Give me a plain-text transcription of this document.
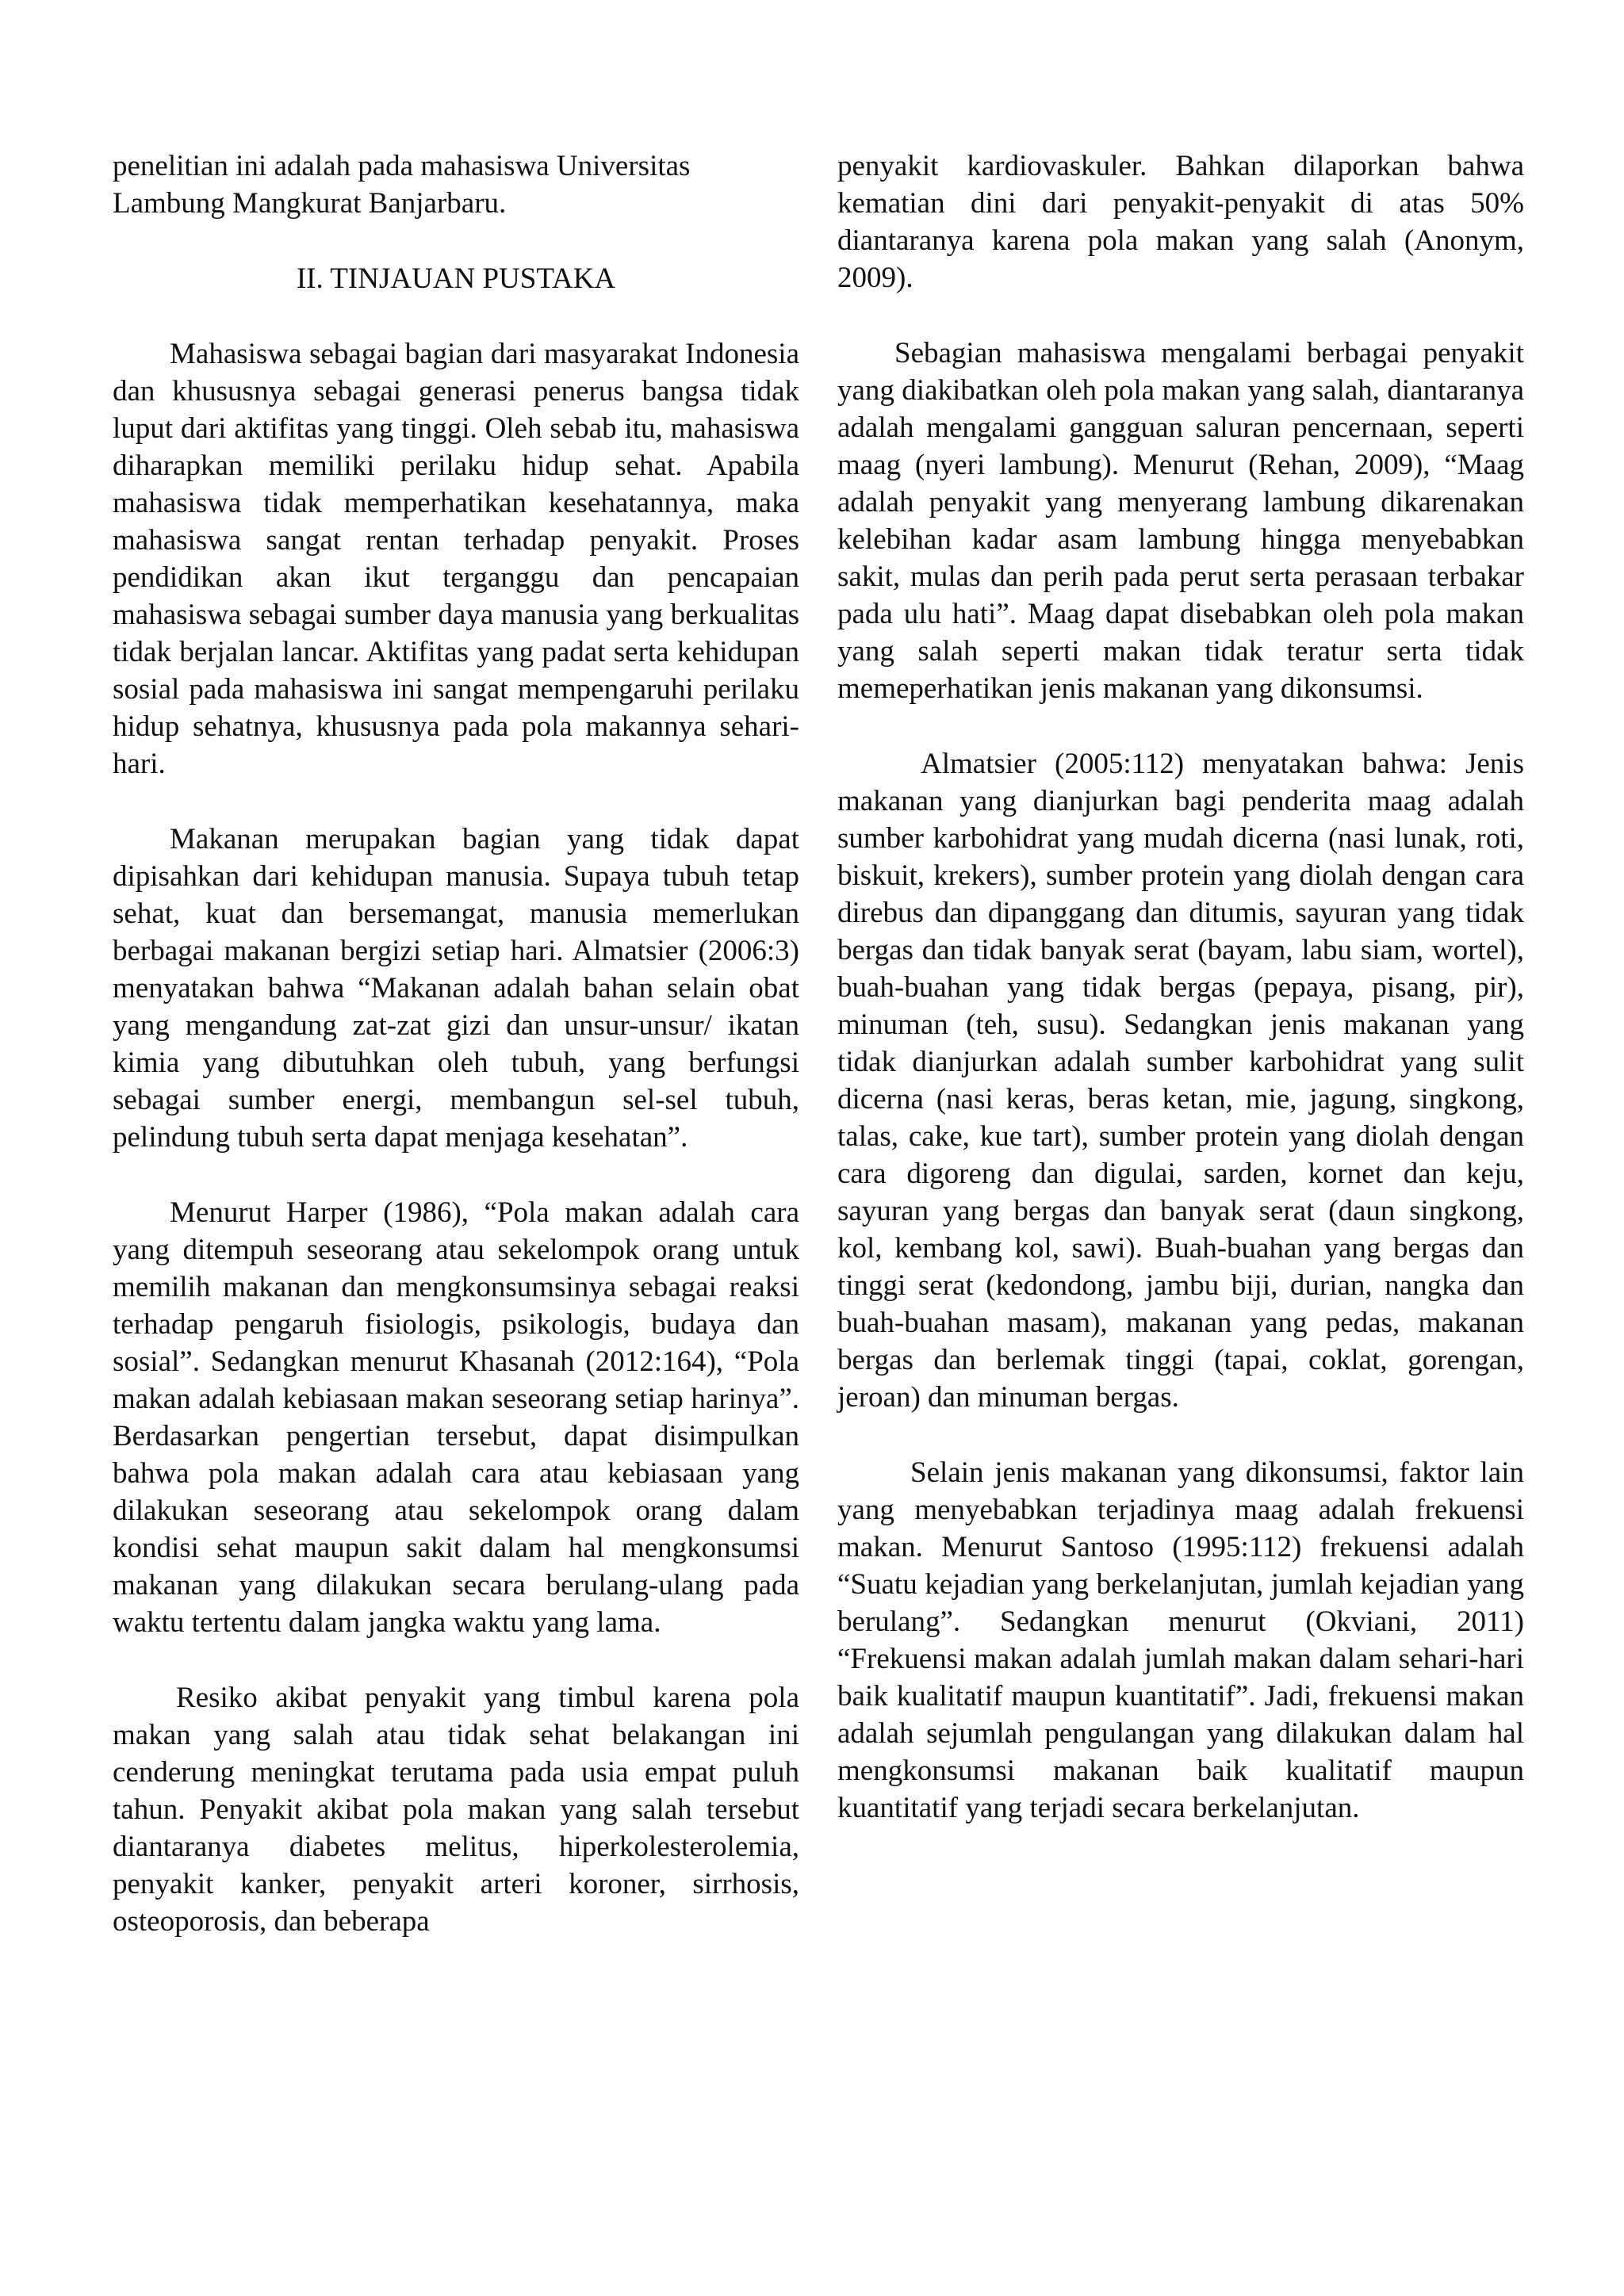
penelitian ini adalah pada mahasiswa Universitas Lambung Mangkurat Banjarbaru.

II. TINJAUAN PUSTAKA

Mahasiswa sebagai bagian dari masyarakat Indonesia dan khususnya sebagai generasi penerus bangsa tidak luput dari aktifitas yang tinggi. Oleh sebab itu, mahasiswa diharapkan memiliki perilaku hidup sehat. Apabila mahasiswa tidak memperhatikan kesehatannya, maka mahasiswa sangat rentan terhadap penyakit. Proses pendidikan akan ikut terganggu dan pencapaian mahasiswa sebagai sumber daya manusia yang berkualitas tidak berjalan lancar. Aktifitas yang padat serta kehidupan sosial pada mahasiswa ini sangat mempengaruhi perilaku hidup sehatnya, khususnya pada pola makannya sehari-hari.

Makanan merupakan bagian yang tidak dapat dipisahkan dari kehidupan manusia. Supaya tubuh tetap sehat, kuat dan bersemangat, manusia memerlukan berbagai makanan bergizi setiap hari. Almatsier (2006:3) menyatakan bahwa “Makanan adalah bahan selain obat yang mengandung zat-zat gizi dan unsur-unsur/ ikatan kimia yang dibutuhkan oleh tubuh, yang berfungsi sebagai sumber energi, membangun sel-sel tubuh, pelindung tubuh serta dapat menjaga kesehatan”.

Menurut Harper (1986), “Pola makan adalah cara yang ditempuh seseorang atau sekelompok orang untuk memilih makanan dan mengkonsumsinya sebagai reaksi terhadap pengaruh fisiologis, psikologis, budaya dan sosial”. Sedangkan menurut Khasanah (2012:164), “Pola makan adalah kebiasaan makan seseorang setiap harinya”. Berdasarkan pengertian tersebut, dapat disimpulkan bahwa pola makan adalah cara atau kebiasaan yang dilakukan seseorang atau sekelompok orang dalam kondisi sehat maupun sakit dalam hal mengkonsumsi makanan yang dilakukan secara berulang-ulang pada waktu tertentu dalam jangka waktu yang lama.

Resiko akibat penyakit yang timbul karena pola makan yang salah atau tidak sehat belakangan ini cenderung meningkat terutama pada usia empat puluh tahun. Penyakit akibat pola makan yang salah tersebut diantaranya diabetes melitus, hiperkolesterolemia, penyakit kanker, penyakit arteri koroner, sirrhosis, osteoporosis, dan beberapa

penyakit kardiovaskuler. Bahkan dilaporkan bahwa kematian dini dari penyakit-penyakit di atas 50% diantaranya karena pola makan yang salah (Anonym, 2009).

Sebagian mahasiswa mengalami berbagai penyakit yang diakibatkan oleh pola makan yang salah, diantaranya adalah mengalami gangguan saluran pencernaan, seperti maag (nyeri lambung). Menurut (Rehan, 2009), “Maag adalah penyakit yang menyerang lambung dikarenakan kelebihan kadar asam lambung hingga menyebabkan sakit, mulas dan perih pada perut serta perasaan terbakar pada ulu hati”. Maag dapat disebabkan oleh pola makan yang salah seperti makan tidak teratur serta tidak memeperhatikan jenis makanan yang dikonsumsi.

Almatsier (2005:112) menyatakan bahwa: Jenis makanan yang dianjurkan bagi penderita maag adalah sumber karbohidrat yang mudah dicerna (nasi lunak, roti, biskuit, krekers), sumber protein yang diolah dengan cara direbus dan dipanggang dan ditumis, sayuran yang tidak bergas dan tidak banyak serat (bayam, labu siam, wortel), buah-buahan yang tidak bergas (pepaya, pisang, pir), minuman (teh, susu). Sedangkan jenis makanan yang tidak dianjurkan adalah sumber karbohidrat yang sulit dicerna (nasi keras, beras ketan, mie, jagung, singkong, talas, cake, kue tart), sumber protein yang diolah dengan cara digoreng dan digulai, sarden, kornet dan keju, sayuran yang bergas dan banyak serat (daun singkong, kol, kembang kol, sawi). Buah-buahan yang bergas dan tinggi serat (kedondong, jambu biji, durian, nangka dan buah-buahan masam), makanan yang pedas, makanan bergas dan berlemak tinggi (tapai, coklat, gorengan, jeroan) dan minuman bergas.

Selain jenis makanan yang dikonsumsi, faktor lain yang menyebabkan terjadinya maag adalah frekuensi makan. Menurut Santoso (1995:112) frekuensi adalah “Suatu kejadian yang berkelanjutan, jumlah kejadian yang berulang”. Sedangkan menurut (Okviani, 2011) “Frekuensi makan adalah jumlah makan dalam sehari-hari baik kualitatif maupun kuantitatif”. Jadi, frekuensi makan adalah sejumlah pengulangan yang dilakukan dalam hal mengkonsumsi makanan baik kualitatif maupun kuantitatif yang terjadi secara berkelanjutan.
